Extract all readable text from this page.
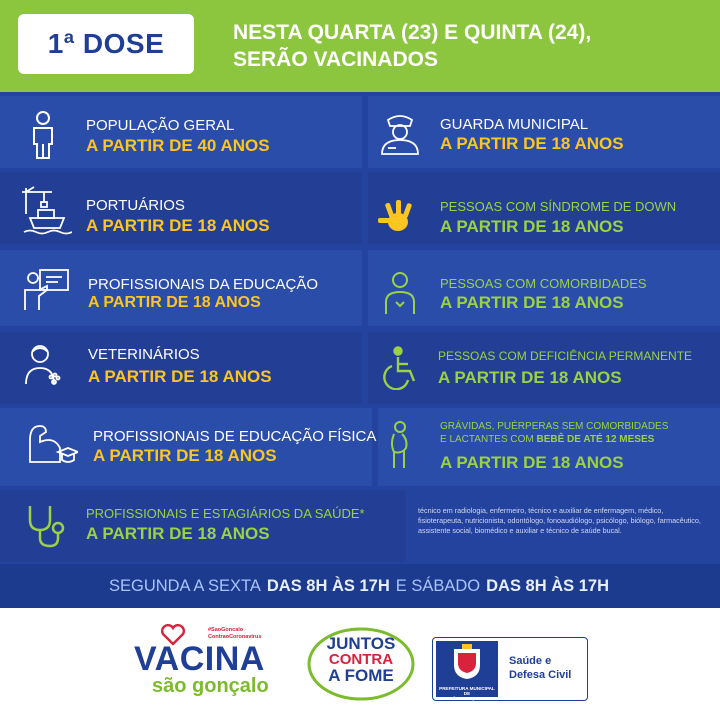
1ª DOSE	NESTA QUARTA (23) E QUINTA (24),
SERÃO VACINADOS
POPULAÇÃO GERAL
A PARTIR DE 40 ANOS
PORTUÁRIOS
A PARTIR DE 18 ANOS
PROFISSIONAIS DA EDUCAÇÃO
A PARTIR DE 18 ANOS
VETERINÁRIOS
A PARTIR DE 18 ANOS
PROFISSIONAIS DE EDUCAÇÃO FÍSICA
A PARTIR DE 18 ANOS
PROFISSIONAIS E ESTAGIÁRIOS DA SAÚDE*
A PARTIR DE 18 ANOS
GUARDA MUNICIPAL
A PARTIR DE 18 ANOS
PESSOAS COM SÍNDROME DE DOWN
A PARTIR DE 18 ANOS
PESSOAS COM COMORBIDADES
A PARTIR DE 18 ANOS
PESSOAS COM DEFICIÊNCIA PERMANENTE
A PARTIR DE 18 ANOS
GRÁVIDAS, PUÉRPERAS SEM COMORBIDADES
E LACTANTES COM BEBÊ DE ATÉ 12 MESES
A PARTIR DE 18 ANOS
técnico em radiologia, enfermeiro, técnico e auxiliar de enfermagem, médico, fisioterapeuta, nutricionista, odontólogo, fonoaudiólogo, psicólogo, biólogo, farmacêutico, assistente social, biomédico e auxiliar e técnico de saúde bucal.
SEGUNDA A SEXTA DAS 8H ÀS 17H E SÁBADO DAS 8H ÀS 17H
#SaoGoncalo
ContraoCoronavirus
VACINA
são gonçalo
JUNTOS
CONTRA
A FOME
PREFEITURA MUNICIPAL DE
SÃO GONÇALO
Saúde e
Defesa Civil
